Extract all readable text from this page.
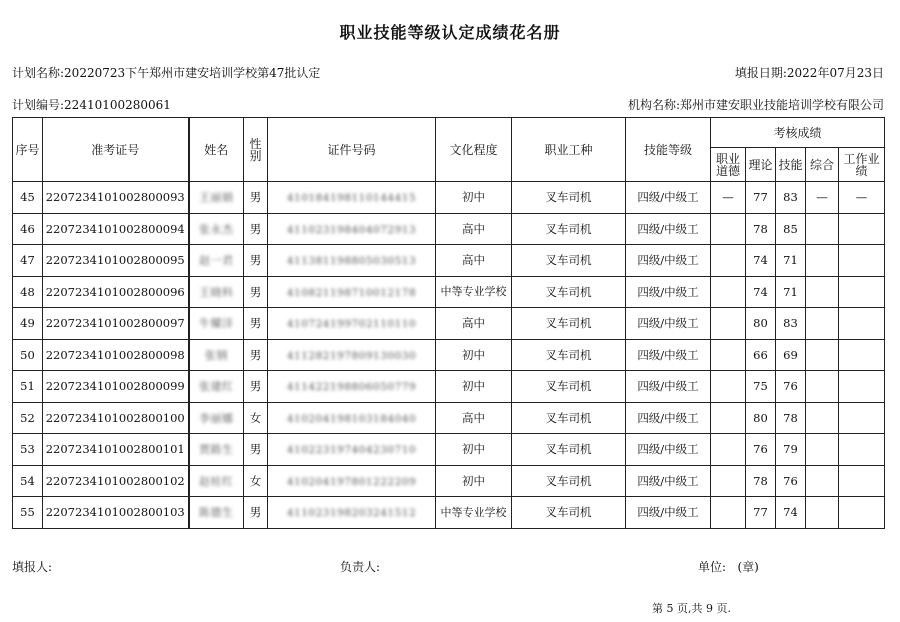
职业技能等级认定成绩花名册
计划名称:20220723下午郑州市建安培训学校第47批认定	填报日期:2022年07月23日
计划编号:22410100280061	机构名称:郑州市建安职业技能培训学校有限公司
序号	准考证号	姓名	性别	证件号码	文化程度	职业工种	技能等级	考核成绩				
								职业道德	理论	技能	综合	工作业绩
45	2207234101002800093	王丽娟	男	410184198110144415	初中	叉车司机	四级/中级工	—	77	83	—	—
46	2207234101002800094	张永杰	男	411023198404072913	高中	叉车司机	四级/中级工		78	85		
47	2207234101002800095	赵一君	男	411381198805030513	高中	叉车司机	四级/中级工		74	71		
48	2207234101002800096	王晓科	男	410821198710012178	中等专业学校	叉车司机	四级/中级工		74	71		
49	2207234101002800097	牛耀洋	男	410724199702110110	高中	叉车司机	四级/中级工		80	83		
50	2207234101002800098	张钢	男	411282197809130030	初中	叉车司机	四级/中级工		66	69		
51	2207234101002800099	张建红	男	411422198806050779	初中	叉车司机	四级/中级工		75	76		
52	2207234101002800100	李丽娜	女	410204198103184040	高中	叉车司机	四级/中级工		80	78		
53	2207234101002800101	贾路生	男	410223197404230710	初中	叉车司机	四级/中级工		76	79		
54	2207234101002800102	赵桂红	女	410204197801222209	初中	叉车司机	四级/中级工		78	76		
55	2207234101002800103	陈德生	男	411023198203241512	中等专业学校	叉车司机	四级/中级工		77	74		
填报人:	负责人:	单位: (章)
第 5 页,共 9 页.
